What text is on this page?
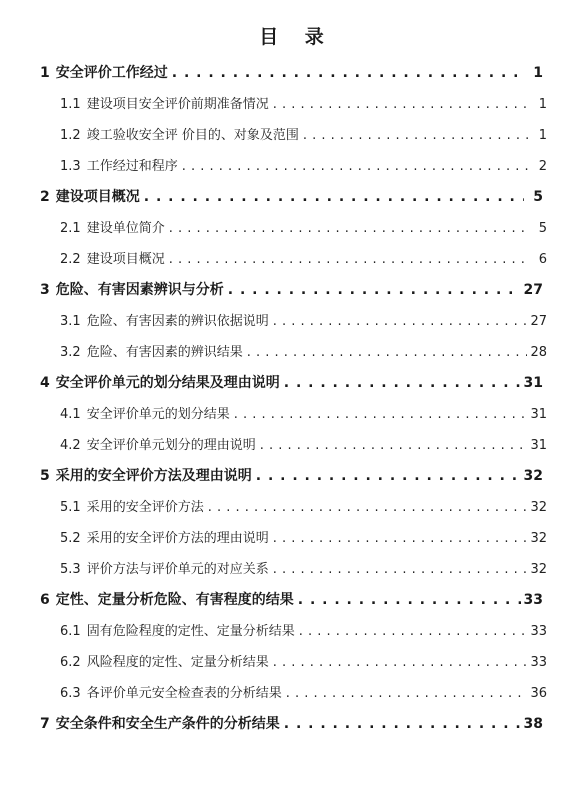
目 录
1 安全评价工作经过 . . .	1
1.1 建设项目安全评价前期准备情况 . . .	1
1.2 竣工验收安全评 价目的、对象及范围 . . .	1
1.3 工作经过和程序 . . .	2
2 建设项目概况 . . .	5
2.1 建设单位简介 . . .	5
2.2 建设项目概况 . . .	6
3 危险、有害因素辨识与分析 . . .	27
3.1 危险、有害因素的辨识依据说明 . . .	27
3.2 危险、有害因素的辨识结果 . . .	28
4 安全评价单元的划分结果及理由说明 . . .	31
4.1 安全评价单元的划分结果 . . .	31
4.2 安全评价单元划分的理由说明 . . .	31
5 采用的安全评价方法及理由说明 . . .	32
5.1 采用的安全评价方法 . . .	32
5.2 采用的安全评价方法的理由说明 . . .	32
5.3 评价方法与评价单元的对应关系 . . .	32
6 定性、定量分析危险、有害程度的结果 . . .	33
6.1 固有危险程度的定性、定量分析结果 . . .	33
6.2 风险程度的定性、定量分析结果 . . .	33
6.3 各评价单元安全检查表的分析结果 . . .	36
7 安全条件和安全生产条件的分析结果 . . .	38
